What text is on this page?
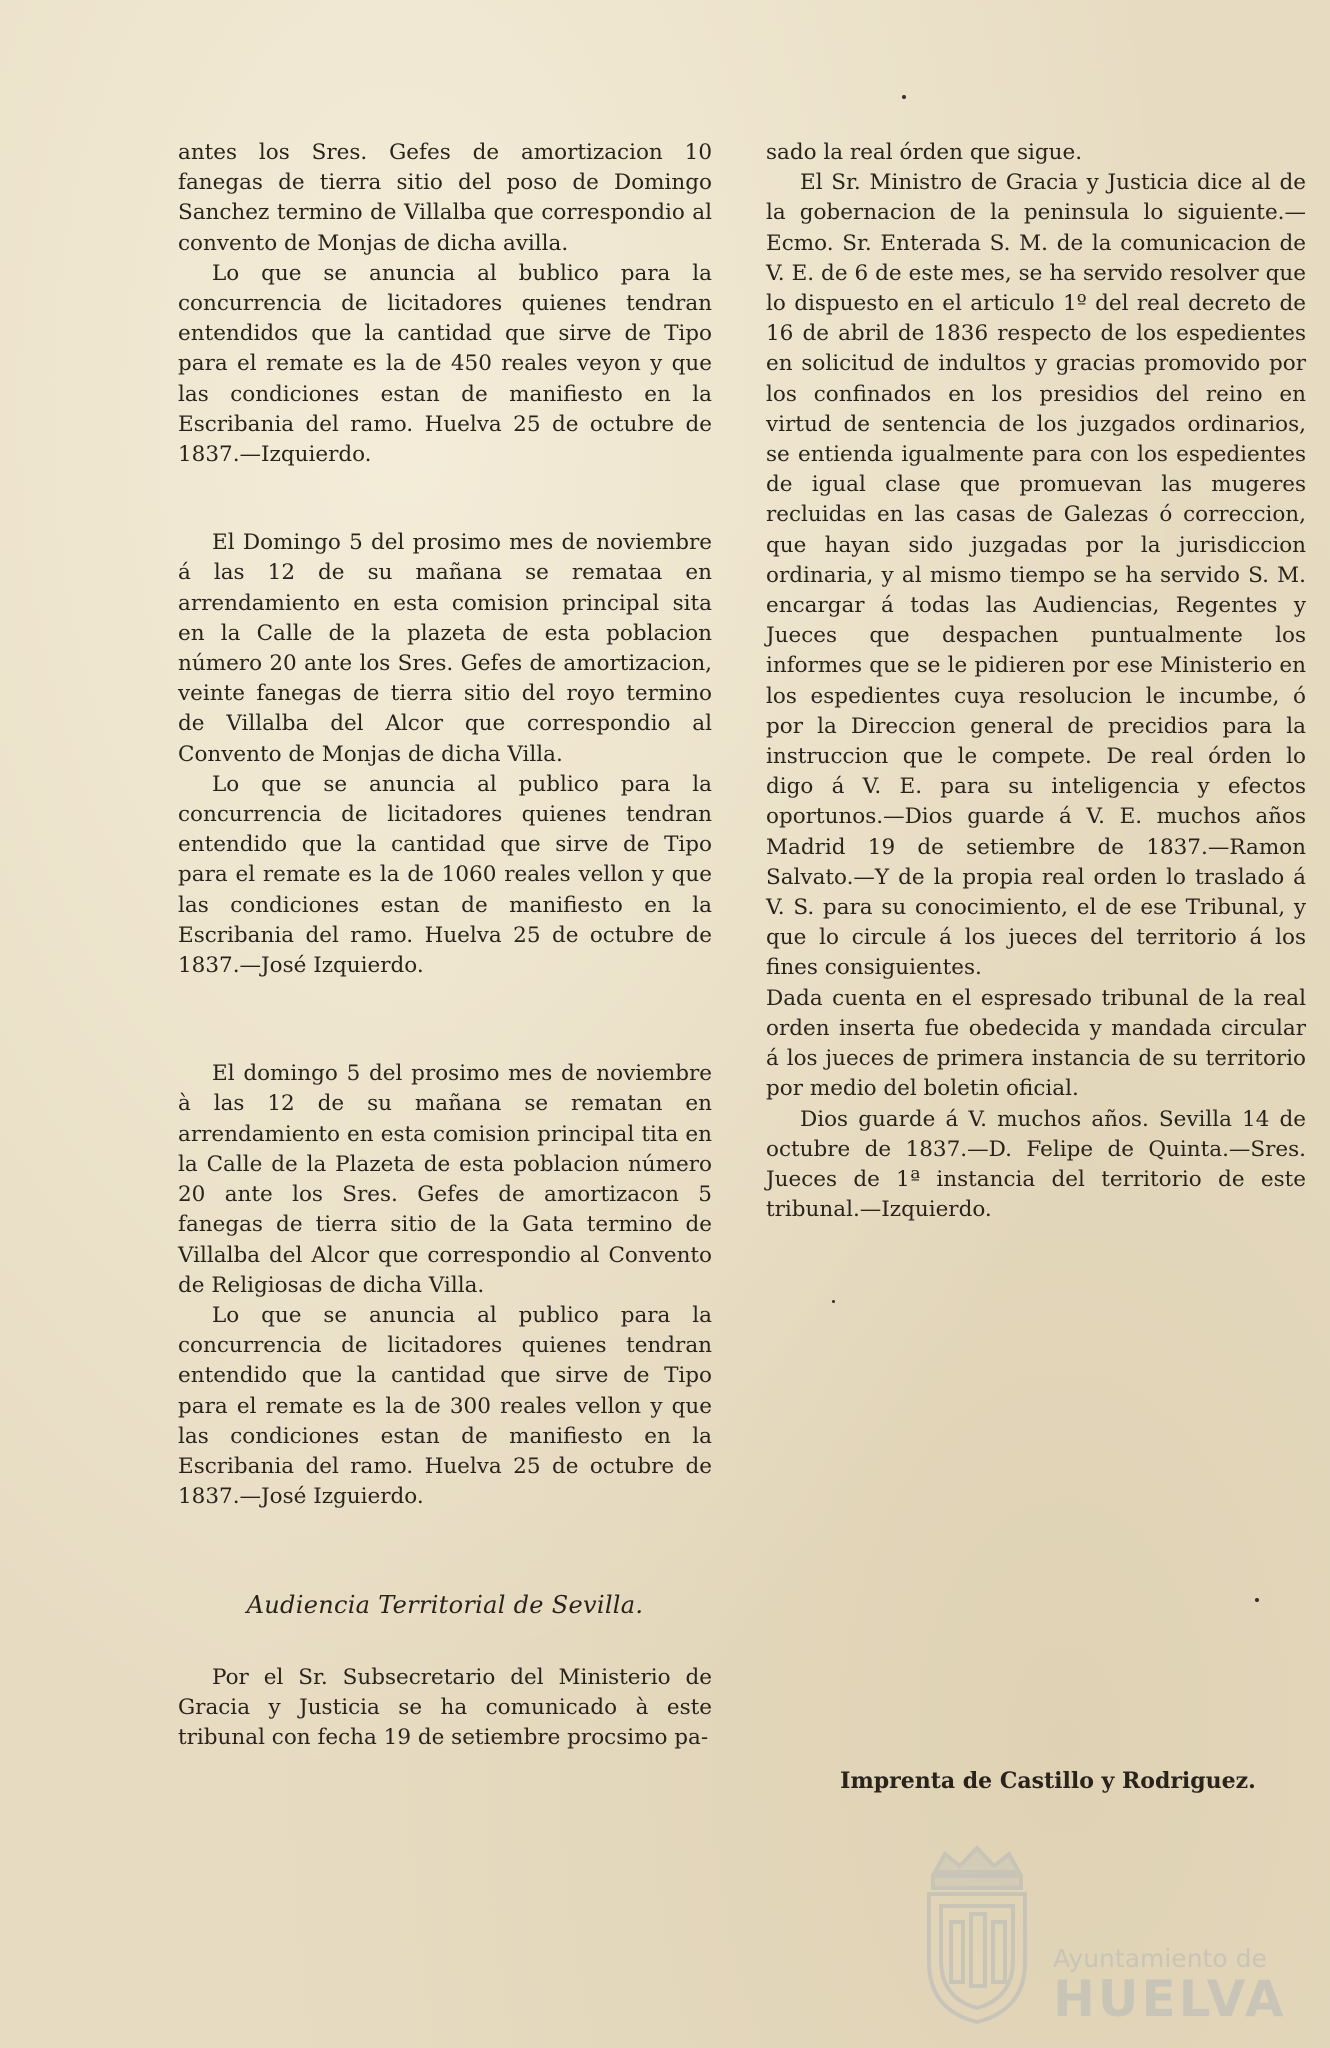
antes los Sres. Gefes de amortizacion 10 fanegas de tierra sitio del poso de Domingo Sanchez termino de Villalba que correspondio al convento de Monjas de dicha avilla.

Lo que se anuncia al bublico para la concurrencia de licitadores quienes tendran entendidos que la cantidad que sirve de Tipo para el remate es la de 450 reales veyon y que las condiciones estan de manifiesto en la Escribania del ramo. Huelva 25 de octubre de 1837.—Izquierdo.

El Domingo 5 del prosimo mes de noviembre á las 12 de su mañana se remataa en arrendamiento en esta comision principal sita en la Calle de la plazeta de esta poblacion número 20 ante los Sres. Gefes de amortizacion, veinte fanegas de tierra sitio del royo termino de Villalba del Alcor que correspondio al Convento de Monjas de dicha Villa.

Lo que se anuncia al publico para la concurrencia de licitadores quienes tendran entendido que la cantidad que sirve de Tipo para el remate es la de 1060 reales vellon y que las condiciones estan de manifiesto en la Escribania del ramo. Huelva 25 de octubre de 1837.—José Izquierdo.

El domingo 5 del prosimo mes de noviembre à las 12 de su mañana se rematan en arrendamiento en esta comision principal tita en la Calle de la Plazeta de esta poblacion número 20 ante los Sres. Gefes de amortizacon 5 fanegas de tierra sitio de la Gata termino de Villalba del Alcor que correspondio al Convento de Religiosas de dicha Villa.

Lo que se anuncia al publico para la concurrencia de licitadores quienes tendran entendido que la cantidad que sirve de Tipo para el remate es la de 300 reales vellon y que las condiciones estan de manifiesto en la Escribania del ramo. Huelva 25 de octubre de 1837.—José Izguierdo.

Audiencia Territorial de Sevilla.

Por el Sr. Subsecretario del Ministerio de Gracia y Justicia se ha comunicado à este tribunal con fecha 19 de setiembre procsimo pa-

sado la real órden que sigue.

El Sr. Ministro de Gracia y Justicia dice al de la gobernacion de la peninsula lo siguiente.—Ecmo. Sr. Enterada S. M. de la comunicacion de V. E. de 6 de este mes, se ha servido resolver que lo dispuesto en el articulo 1º del real decreto de 16 de abril de 1836 respecto de los espedientes en solicitud de indultos y gracias promovido por los confinados en los presidios del reino en virtud de sentencia de los juzgados ordinarios, se entienda igualmente para con los espedientes de igual clase que promuevan las mugeres recluidas en las casas de Galezas ó correccion, que hayan sido juzgadas por la jurisdiccion ordinaria, y al mismo tiempo se ha servido S. M. encargar á todas las Audiencias, Regentes y Jueces que despachen puntualmente los informes que se le pidieren por ese Ministerio en los espedientes cuya resolucion le incumbe, ó por la Direccion general de precidios para la instruccion que le compete. De real órden lo digo á V. E. para su inteligencia y efectos oportunos.—Dios guarde á V. E. muchos años Madrid 19 de setiembre de 1837.—Ramon Salvato.—Y de la propia real orden lo traslado á V. S. para su conocimiento, el de ese Tribunal, y que lo circule á los jueces del territorio á los fines consiguientes.

Dada cuenta en el espresado tribunal de la real orden inserta fue obedecida y mandada circular á los jueces de primera instancia de su territorio por medio del boletin oficial.

Dios guarde á V. muchos años. Sevilla 14 de octubre de 1837.—D. Felipe de Quinta.—Sres. Jueces de 1ª instancia del territorio de este tribunal.—Izquierdo.

Imprenta de Castillo y Rodriguez.
Ayuntamiento de
HUELVA
